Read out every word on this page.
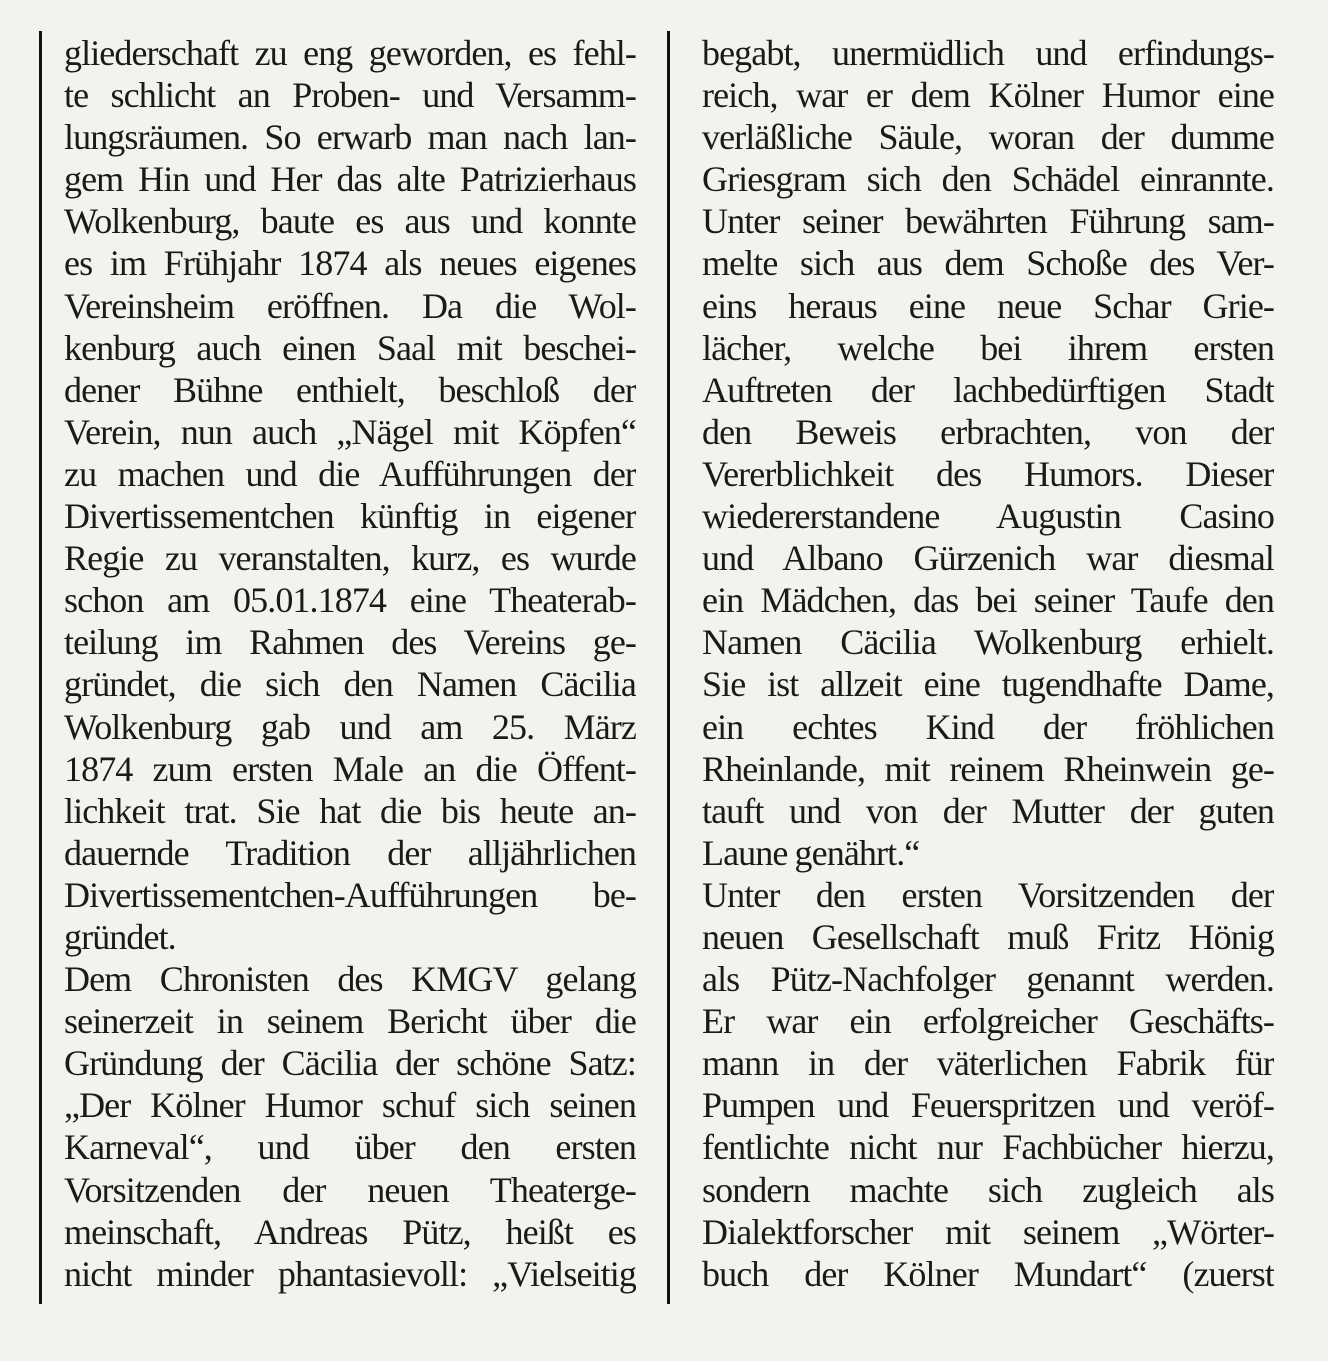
gliederschaft zu eng geworden, es fehl-
te schlicht an Proben- und Versamm-
lungsräumen. So erwarb man nach lan-
gem Hin und Her das alte Patrizierhaus
Wolkenburg, baute es aus und konnte
es im Frühjahr 1874 als neues eigenes
Vereinsheim eröffnen. Da die Wol-
kenburg auch einen Saal mit beschei-
dener Bühne enthielt, beschloß der
Verein, nun auch „Nägel mit Köpfen“
zu machen und die Aufführungen der
Divertissementchen künftig in eigener
Regie zu veranstalten, kurz, es wurde
schon am 05.01.1874 eine Theaterab-
teilung im Rahmen des Vereins ge-
gründet, die sich den Namen Cäcilia
Wolkenburg gab und am 25. März
1874 zum ersten Male an die Öffent-
lichkeit trat. Sie hat die bis heute an-
dauernde Tradition der alljährlichen
Divertissementchen-Aufführungen be-
gründet.
Dem Chronisten des KMGV gelang
seinerzeit in seinem Bericht über die
Gründung der Cäcilia der schöne Satz:
„Der Kölner Humor schuf sich seinen
Karneval“, und über den ersten
Vorsitzenden der neuen Theaterge-
meinschaft, Andreas Pütz, heißt es
nicht minder phantasievoll: „Vielseitig
begabt, unermüdlich und erfindungs-
reich, war er dem Kölner Humor eine
verläßliche Säule, woran der dumme
Griesgram sich den Schädel einrannte.
Unter seiner bewährten Führung sam-
melte sich aus dem Schoße des Ver-
eins heraus eine neue Schar Grie-
lächer, welche bei ihrem ersten
Auftreten der lachbedürftigen Stadt
den Beweis erbrachten, von der
Vererblichkeit des Humors. Dieser
wiedererstandene Augustin Casino
und Albano Gürzenich war diesmal
ein Mädchen, das bei seiner Taufe den
Namen Cäcilia Wolkenburg erhielt.
Sie ist allzeit eine tugendhafte Dame,
ein echtes Kind der fröhlichen
Rheinlande, mit reinem Rheinwein ge-
tauft und von der Mutter der guten
Laune genährt.“
Unter den ersten Vorsitzenden der
neuen Gesellschaft muß Fritz Hönig
als Pütz-Nachfolger genannt werden.
Er war ein erfolgreicher Geschäfts-
mann in der väterlichen Fabrik für
Pumpen und Feuerspritzen und veröf-
fentlichte nicht nur Fachbücher hierzu,
sondern machte sich zugleich als
Dialektforscher mit seinem „Wörter-
buch der Kölner Mundart“ (zuerst
